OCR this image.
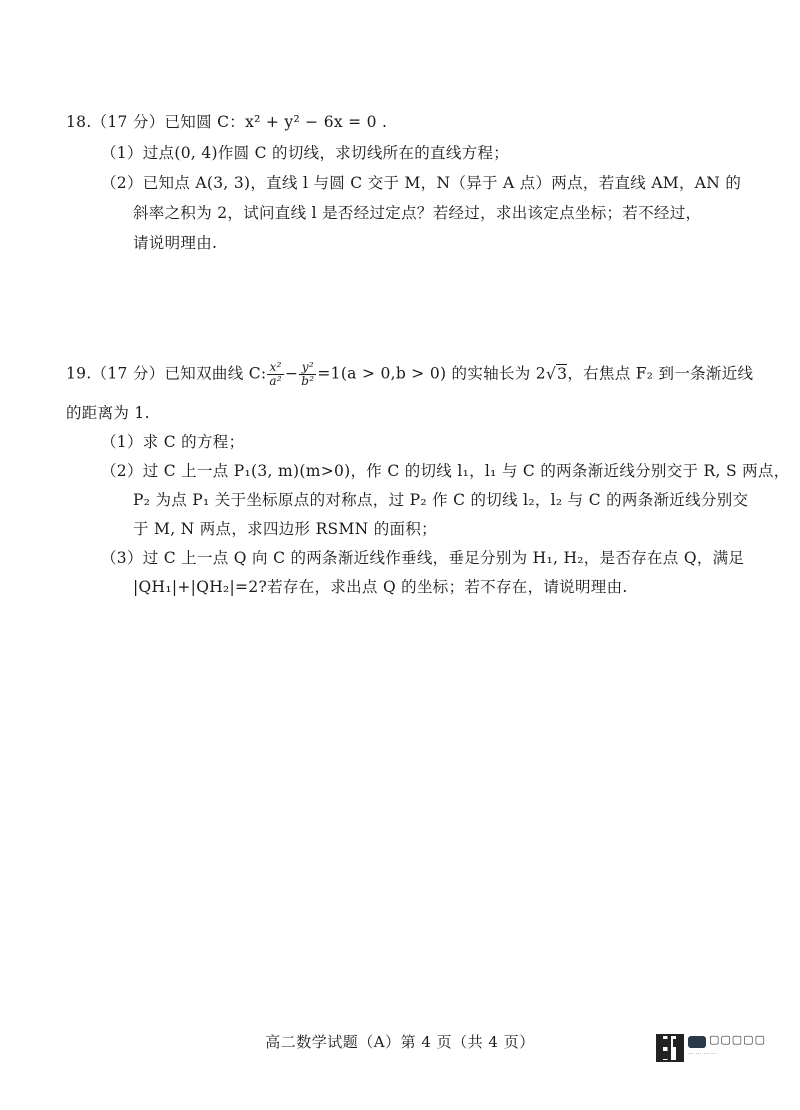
18.（17 分）已知圆 C：x² + y² − 6x = 0 .
（1）过点(0, 4)作圆 C 的切线，求切线所在的直线方程；
（2）已知点 A(3, 3)，直线 l 与圆 C 交于 M，N（异于 A 点）两点，若直线 AM，AN 的
斜率之积为 2，试问直线 l 是否经过定点？若经过，求出该定点坐标；若不经过，
请说明理由.
19.（17 分）已知双曲线 C: $\frac{\text{x²}}{\text{a²}} - \frac{\text{y²}}{\text{b²}} =1(a > 0,b > 0)$ 的实轴长为 2√3，右焦点 F₂ 到一条渐近线
的距离为 1.
（1）求 C 的方程；
（2）过 C 上一点 P₁(3, m)(m>0)，作 C 的切线 l₁，l₁ 与 C 的两条渐近线分别交于 R, S 两点，
P₂ 为点 P₁ 关于坐标原点的对称点，过 P₂ 作 C 的切线 l₂，l₂ 与 C 的两条渐近线分别交
于 M, N 两点，求四边形 RSMN 的面积；
（3）过 C 上一点 Q 向 C 的两条渐近线作垂线，垂足分别为 H₁, H₂，是否存在点 Q，满足
|QH₁|+|QH₂|=2?若存在，求出点 Q 的坐标；若不存在，请说明理由.
高二数学试题（A）第 4 页（共 4 页）	▢▢▢▢▢
··· ··· ··· ···
